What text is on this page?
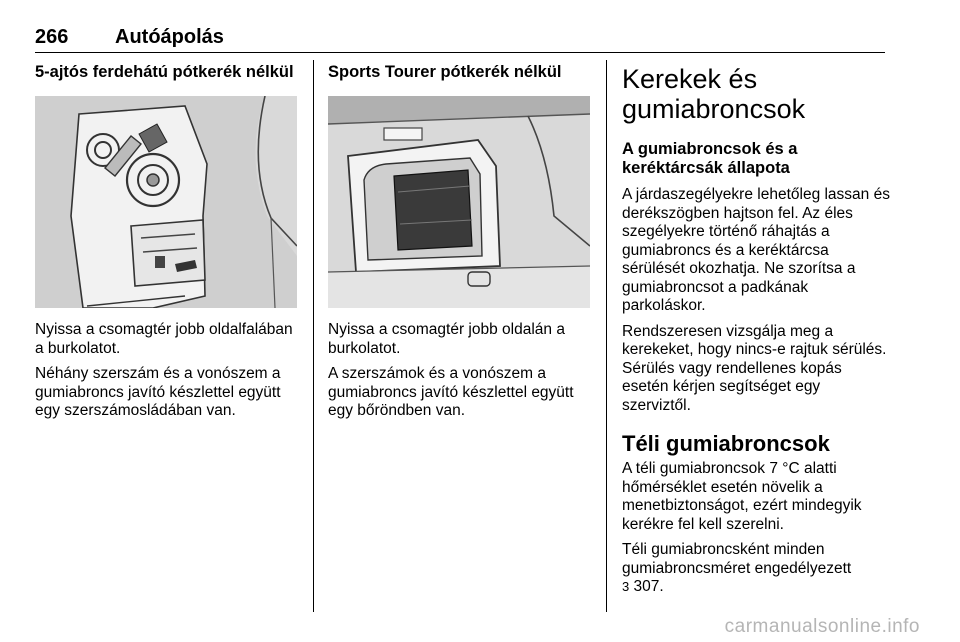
266 Autóápolás
5-ajtós ferdehátú pótkerék nélkül

Nyissa a csomagtér jobb oldalfalában a burkolatot.

Néhány szerszám és a vonószem a gumiabroncs javító készlettel együtt egy szerszámosládában van.

Sports Tourer pótkerék nélkül

Nyissa a csomagtér jobb oldalán a burkolatot.

A szerszámok és a vonószem a gumiabroncs javító készlettel együtt egy bőröndben van.

Kerekek és gumiabroncsok
A gumiabroncsok és a keréktárcsák állapota

A járdaszegélyekre lehetőleg lassan és derékszögben hajtson fel. Az éles szegélyekre történő ráhajtás a gumiabroncs és a keréktárcsa sérülését okozhatja. Ne szorítsa a gumiabroncsot a padkának parkoláskor.

Rendszeresen vizsgálja meg a kerekeket, hogy nincs-e rajtuk sérülés. Sérülés vagy rendellenes kopás esetén kérjen segítséget egy szerviztől.

Téli gumiabroncsok

A téli gumiabroncsok 7 °C alatti hőmérséklet esetén növelik a menetbiztonságot, ezért mindegyik kerékre fel kell szerelni.

Téli gumiabroncsként minden gumiabroncsméret engedélyezett
3 307.

carmanualsonline.info
